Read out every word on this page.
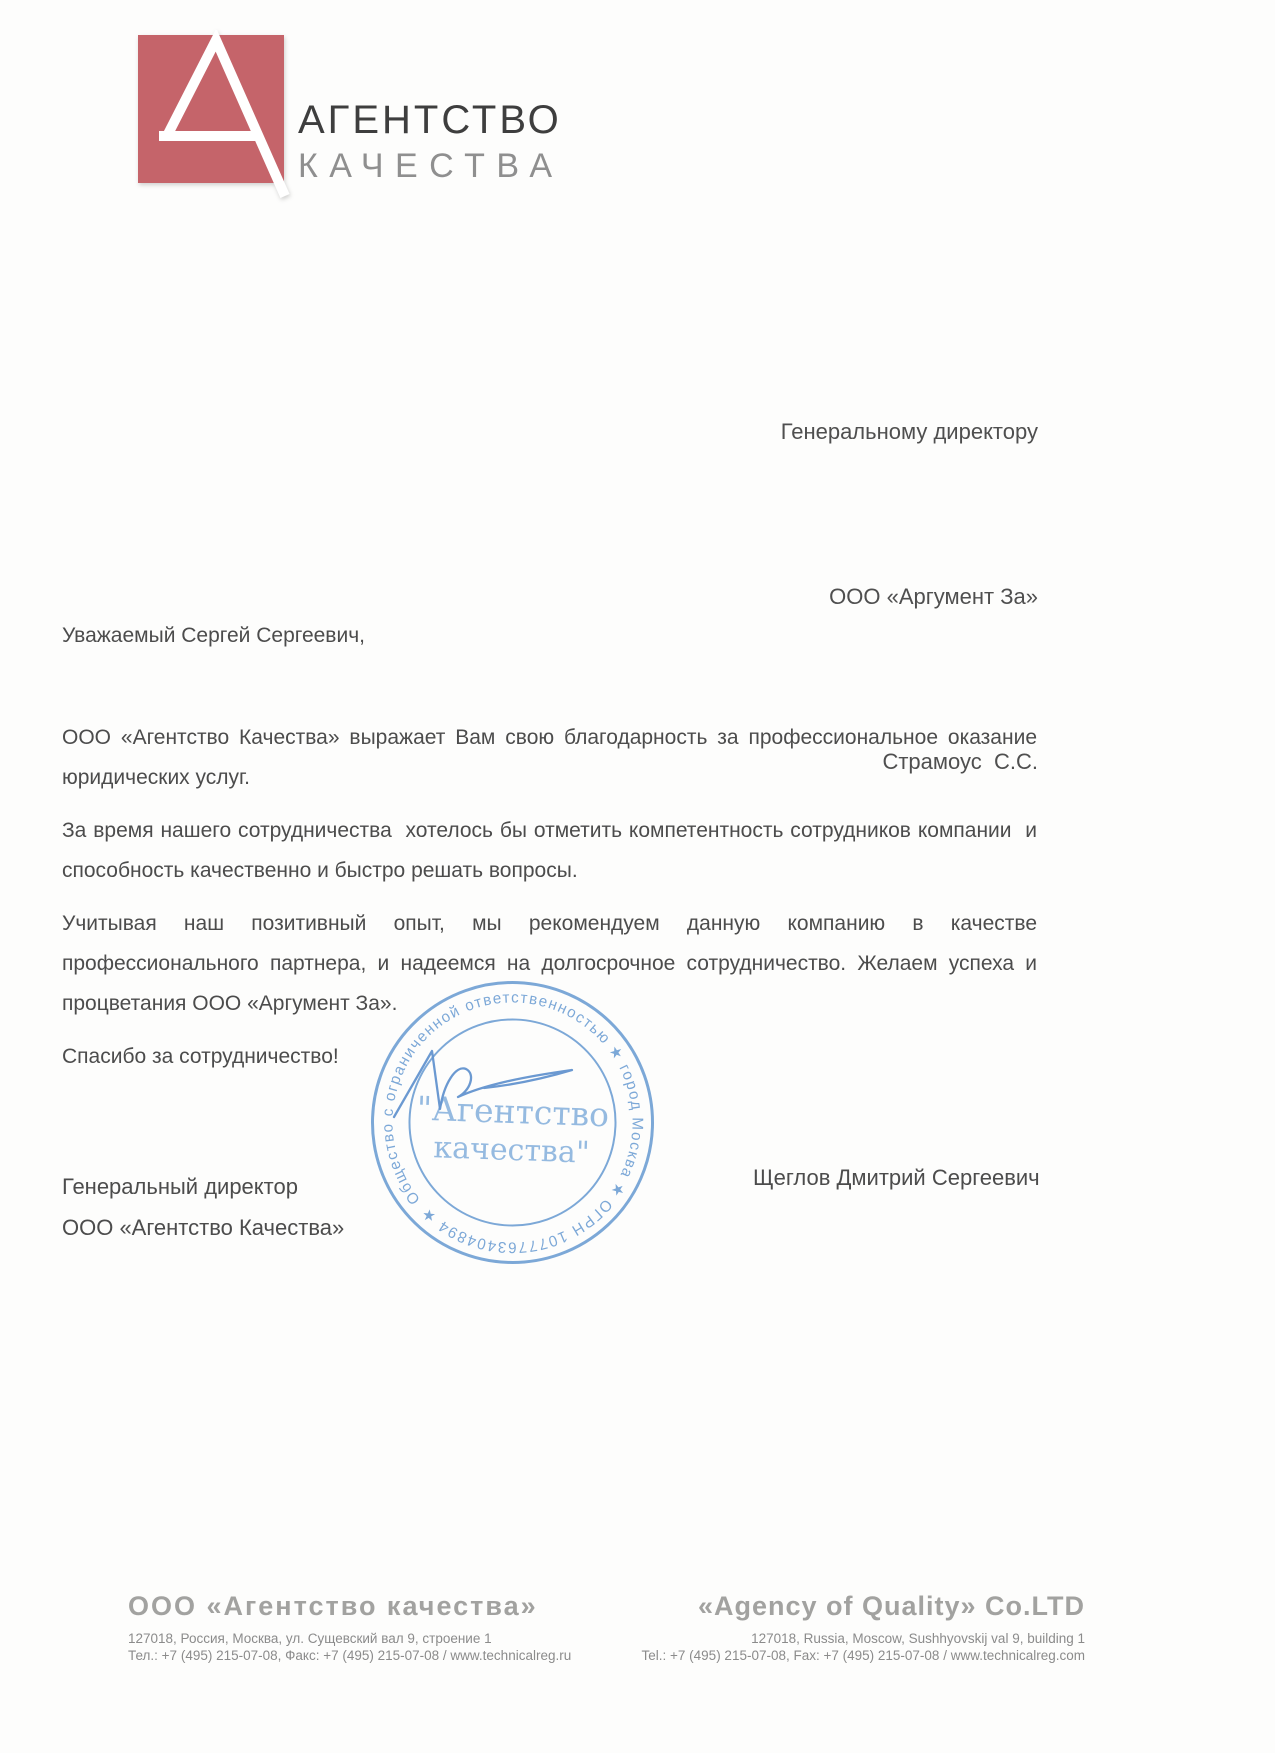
АГЕНТСТВО
КАЧЕСТВА

Генеральному директору

ООО «Аргумент За»

Страмоус  С.С.

Уважаемый Сергей Сергеевич,

ООО «Агентство Качества» выражает Вам свою благодарность за профессиональное оказание юридических услуг.

За время нашего сотрудничества  хотелось бы отметить компетентность сотрудников компании  и способность качественно и быстро решать вопросы.

Учитывая наш позитивный опыт, мы рекомендуем данную компанию в качестве профессионального партнера, и надеемся на долгосрочное сотрудничество. Желаем успеха и процветания ООО «Аргумент За».

Спасибо за сотрудничество!

Общество с ограниченной ответственностью ★ город Москва ★ ОГРН 1077763404894 ★
"Агентство
качества"
Генеральный директор
ООО «Агентство Качества»
Щеглов Дмитрий Сергеевич
ООО «Агентство качества»
127018, Россия, Москва, ул. Сущевский вал 9, строение 1
Тел.: +7 (495) 215-07-08, Факс: +7 (495) 215-07-08 / www.technicalreg.ru
«Agency of Quality» Co.LTD
127018, Russia, Moscow, Sushhyovskij val 9, building 1
Tel.: +7 (495) 215-07-08, Fax: +7 (495) 215-07-08 / www.technicalreg.com
